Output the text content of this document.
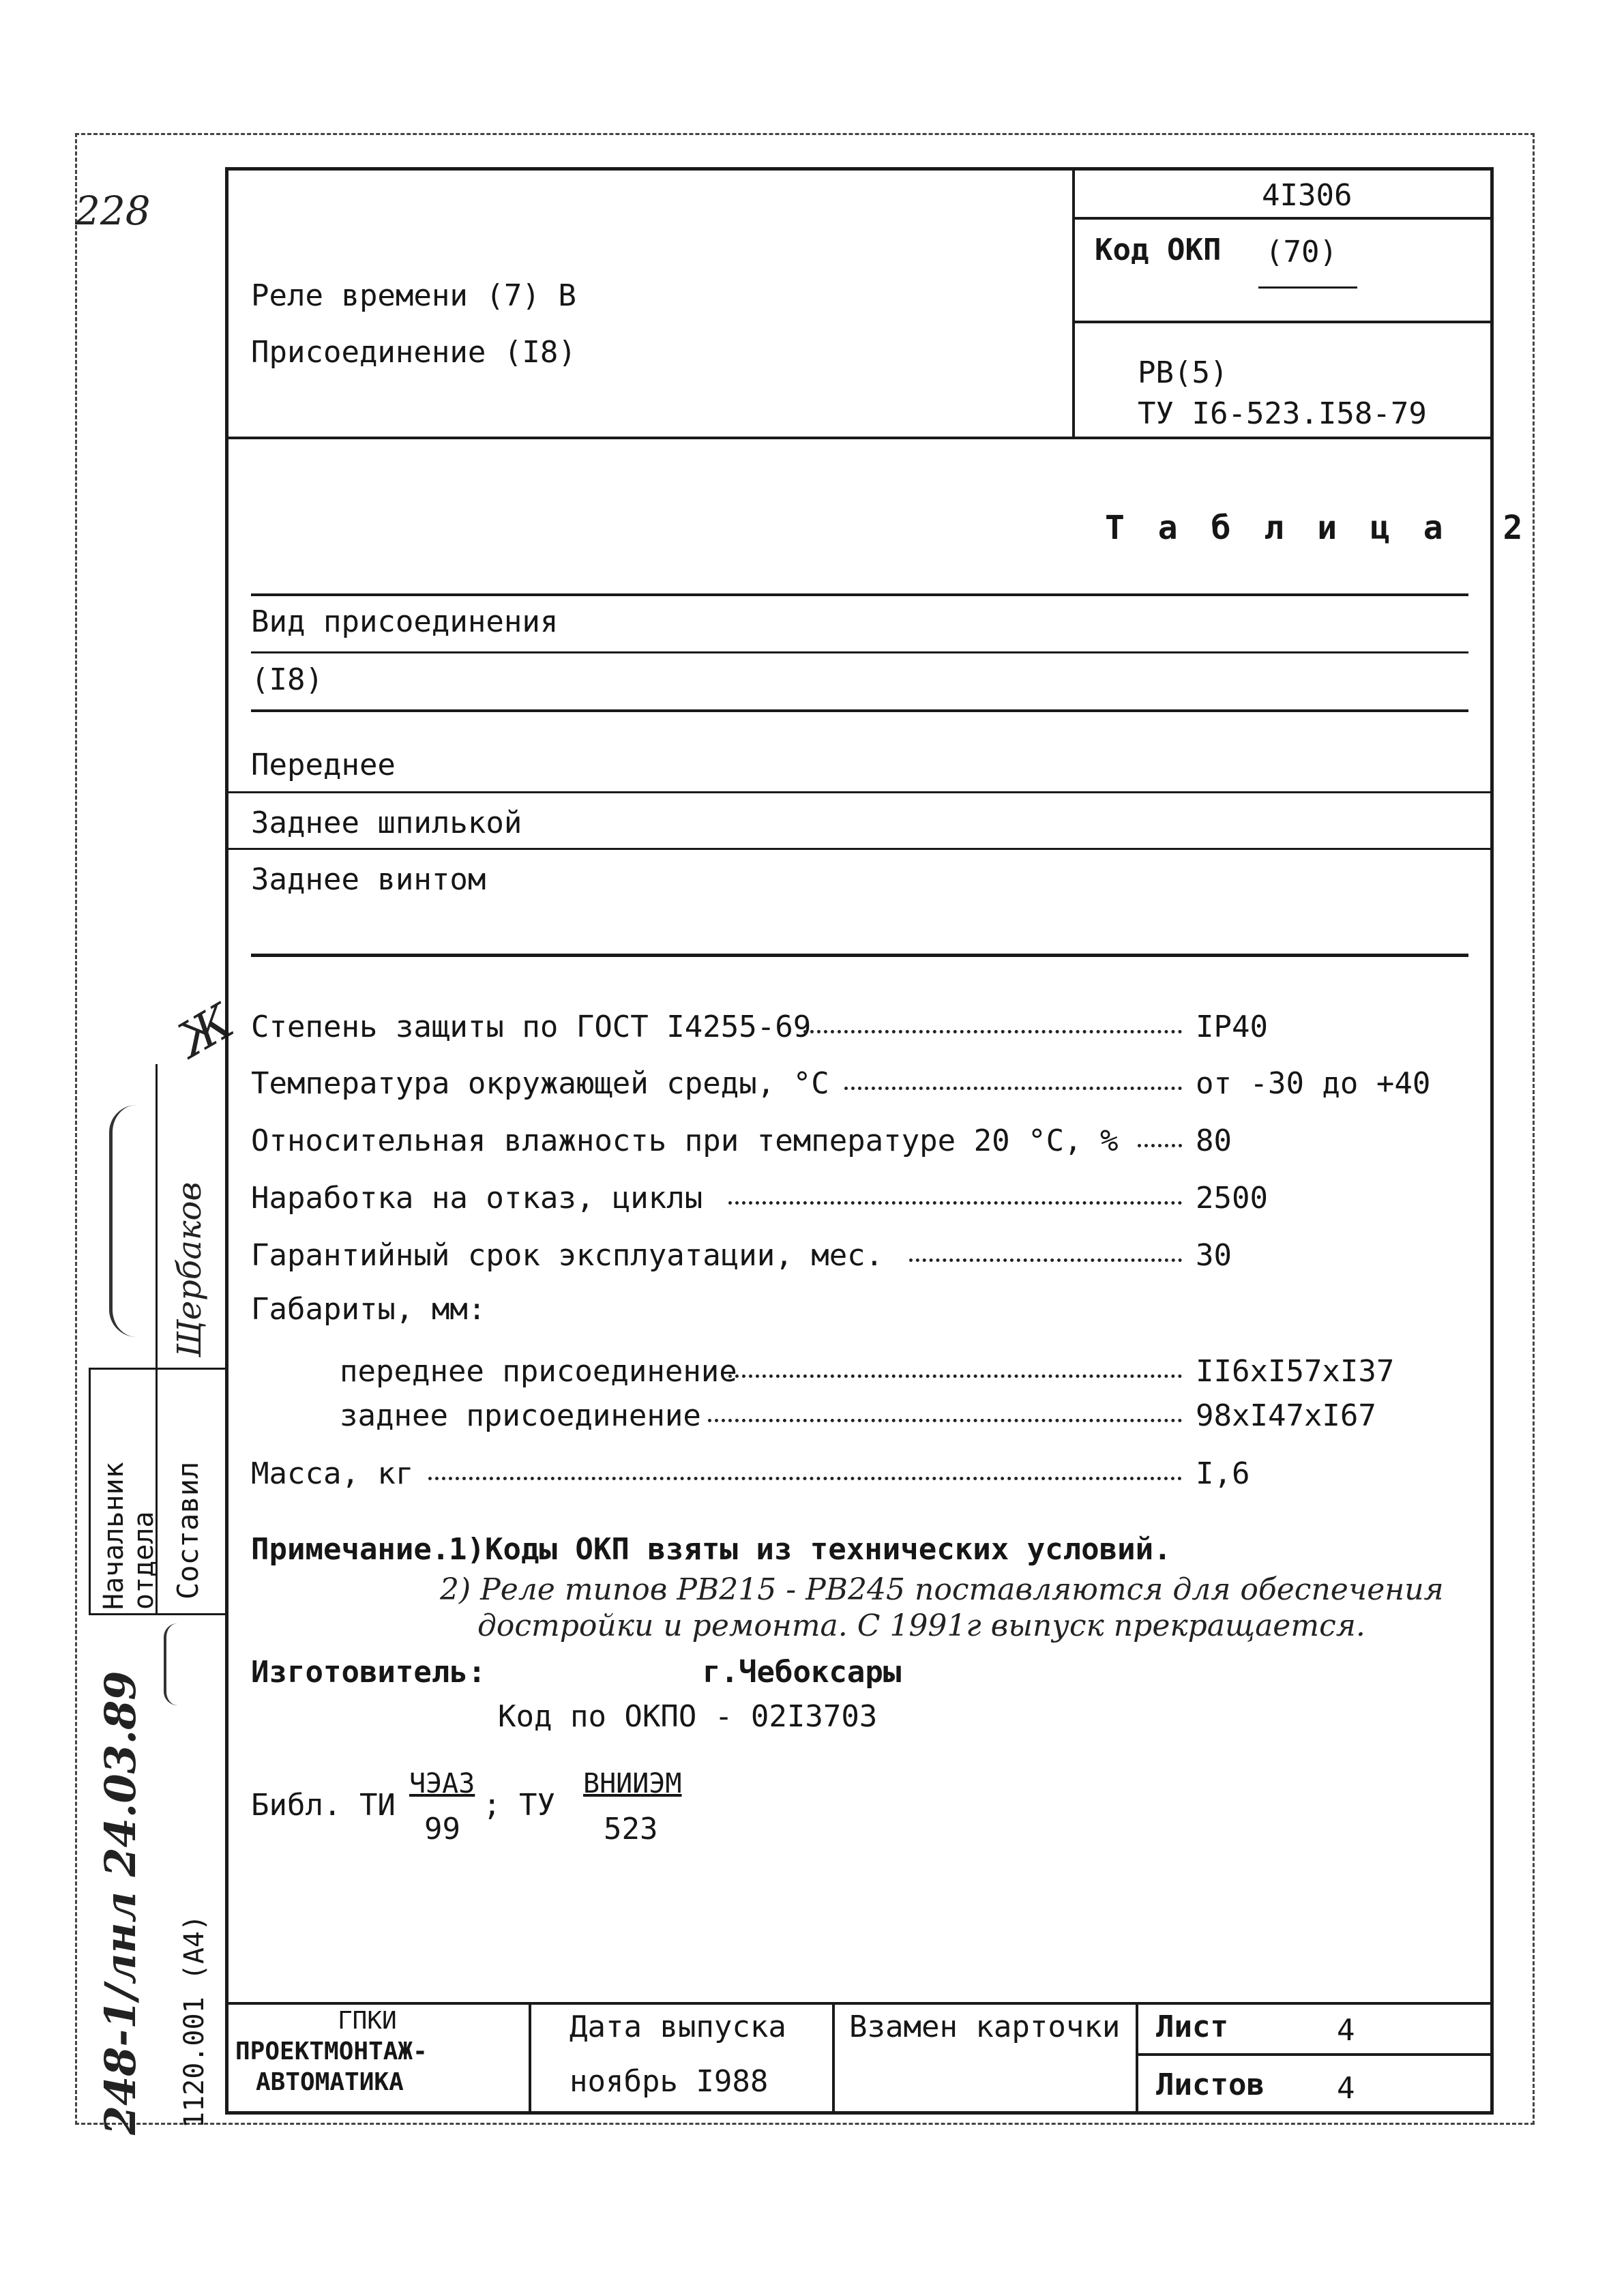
228
Ж
Щербаков
248-1/лнл 24.03.89 1120.001 (А4)
Начальник отдела Составил
Реле времени (7) В
Присоединение (I8)
4I306
Код ОКП (70)
РВ(5)
ТУ I6-523.I58-79
Т а б л и ц а  2
Вид присоединения
(I8)
Переднее
Заднее шпилькой
Заднее винтом
Степень защиты по ГОСТ I4255-69	IP40
Температура окружающей среды, °С	от -30 до +40
Относительная влажность при температуре 20 °С, %	80
Наработка на отказ, циклы	2500
Гарантийный срок эксплуатации, мес.	30
Габариты, мм:
переднее присоединение	II6xI57xI37
заднее присоединение	98xI47xI67
Масса, кг	I,6
Примечание.
1)Коды ОКП взяты из технических условий.
2) Реле типов РВ215 - РВ245 поставляются для обеспечения
достройки и ремонта. С 1991г выпуск прекращается.
Изготовитель:	г.Чебоксары
Код по ОКПО - 02I3703
Библ. ТИ
ЧЭАЗ
99
; ТУ
ВНИИЭМ
523
ГПКИ
ПРОЕКТМОНТАЖ-
АВТОМАТИКА
Дата выпуска
ноябрь I988
Взамен карточки Лист	4
Листов 4
